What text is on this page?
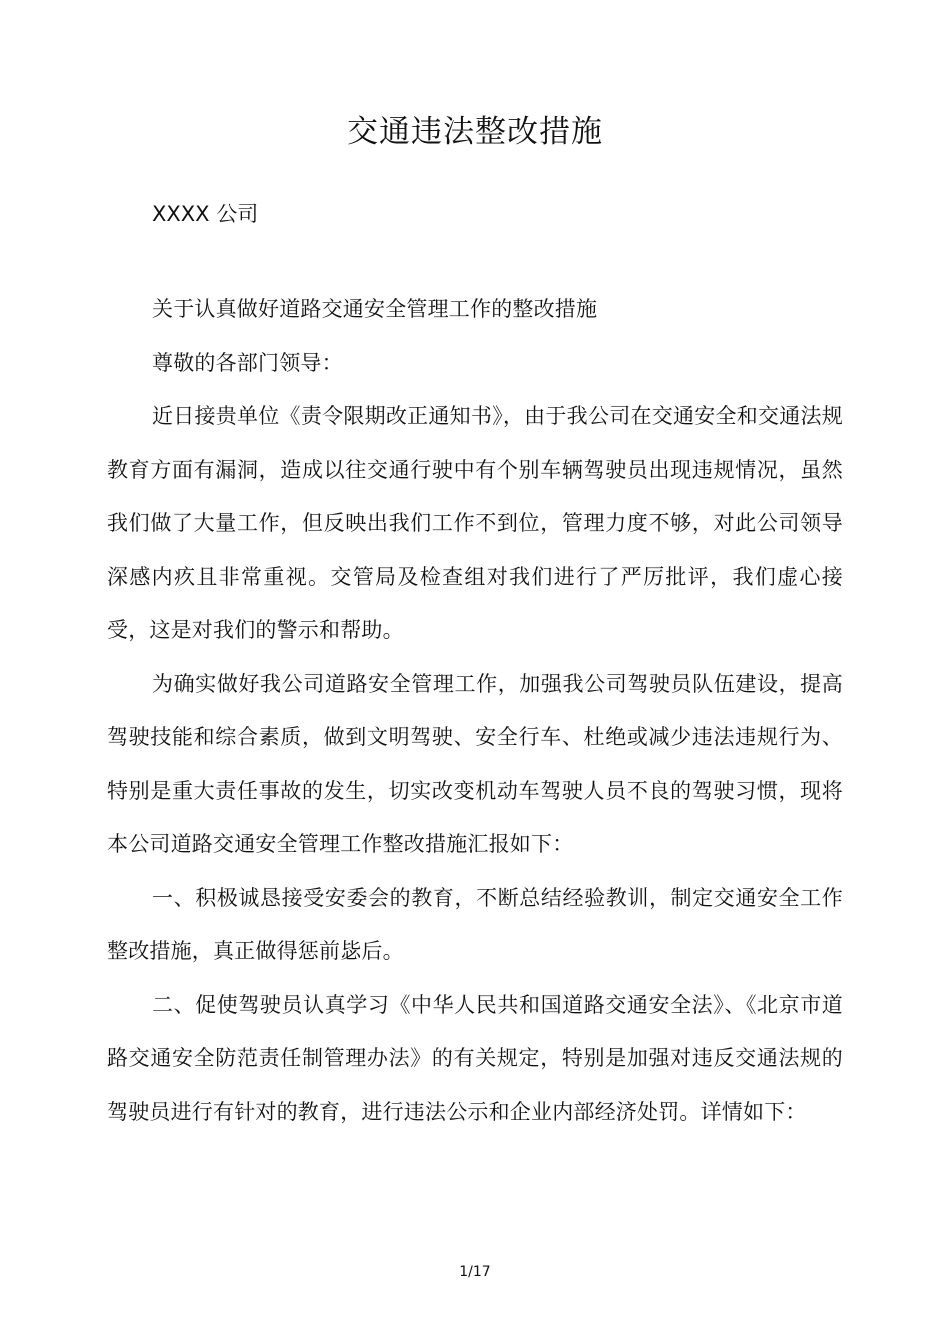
交通违法整改措施
XXXX 公司

关于认真做好道路交通安全管理工作的整改措施

尊敬的各部门领导：

近日接贵单位《责令限期改正通知书》，由于我公司在交通安全和交通法规教育方面有漏洞，造成以往交通行驶中有个别车辆驾驶员出现违规情况，虽然我们做了大量工作，但反映出我们工作不到位，管理力度不够，对此公司领导深感内疚且非常重视。交管局及检查组对我们进行了严厉批评，我们虚心接受，这是对我们的警示和帮助。

为确实做好我公司道路安全管理工作，加强我公司驾驶员队伍建设，提高驾驶技能和综合素质，做到文明驾驶、安全行车、杜绝或减少违法违规行为、特别是重大责任事故的发生，切实改变机动车驾驶人员不良的驾驶习惯，现将本公司道路交通安全管理工作整改措施汇报如下：

一、积极诚恳接受安委会的教育，不断总结经验教训，制定交通安全工作整改措施，真正做得惩前毖后。

二、促使驾驶员认真学习《中华人民共和国道路交通安全法》、《北京市道路交通安全防范责任制管理办法》的有关规定，特别是加强对违反交通法规的驾驶员进行有针对的教育，进行违法公示和企业内部经济处罚。详情如下：

1/17
